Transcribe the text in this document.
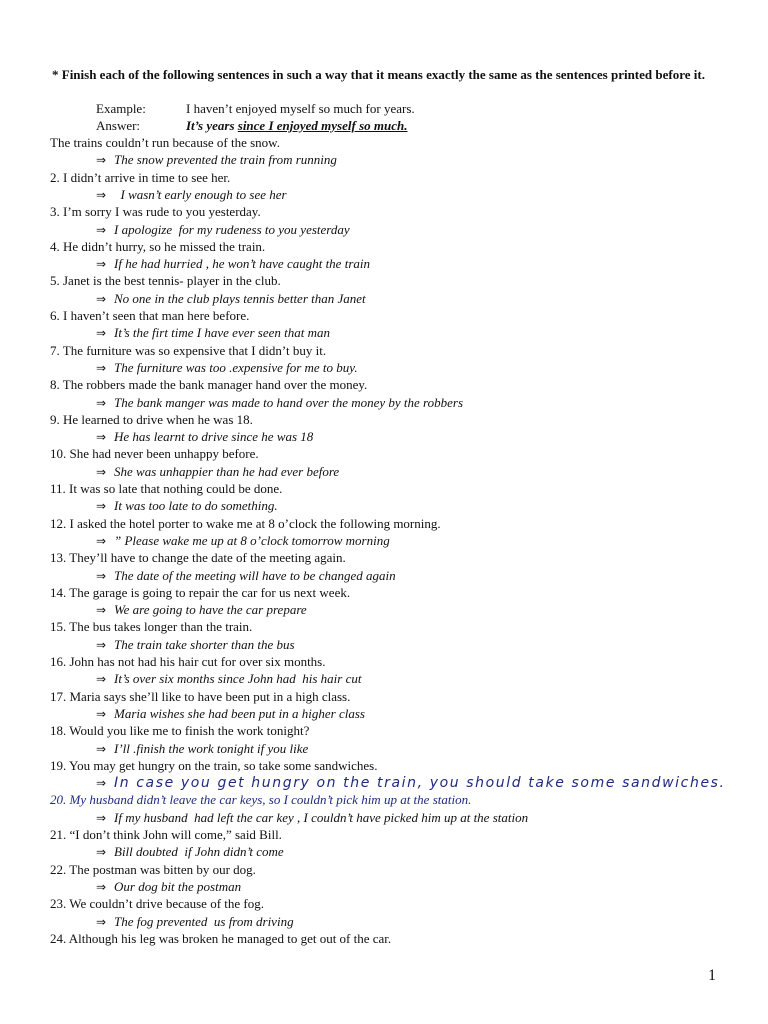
* Finish each of the following sentences in such a way that it means exactly the same as the sentences printed before it.
Example:	I haven’t enjoyed myself so much for years.
Answer:	It’s years since I enjoyed myself so much.
The trains couldn’t run because of the snow.
⇒ The snow prevented the train from running
2. I didn’t arrive in time to see her.
⇒  I wasn’t early enough to see her
3. I’m sorry I was rude to you yesterday.
⇒ I apologize  for my rudeness to you yesterday
4. He didn’t hurry, so he missed the train.
⇒ If he had hurried , he won’t have caught the train
5. Janet is the best tennis- player in the club.
⇒ No one in the club plays tennis better than Janet
6. I haven’t seen that man here before.
⇒ It’s the firt time I have ever seen that man
7. The furniture was so expensive that I didn’t buy it.
⇒ The furniture was too .expensive for me to buy.
8. The robbers made the bank manager hand over the money.
⇒ The bank manger was made to hand over the money by the robbers
9. He learned to drive when he was 18.
⇒ He has learnt to drive since he was 18
10. She had never been unhappy before.
⇒ She was unhappier than he had ever before
11. It was so late that nothing could be done.
⇒ It was too late to do something.
12. I asked the hotel porter to wake me at 8 o’clock the following morning.
⇒ ” Please wake me up at 8 o’clock tomorrow morning
13. They’ll have to change the date of the meeting again.
⇒ The date of the meeting will have to be changed again
14. The garage is going to repair the car for us next week.
⇒ We are going to have the car prepare
15. The bus takes longer than the train.
⇒ The train take shorter than the bus
16. John has not had his hair cut for over six months.
⇒ It’s over six months since John had  his hair cut
17. Maria says she’ll like to have been put in a high class.
⇒ Maria wishes she had been put in a higher class
18. Would you like me to finish the work tonight?
⇒ I’ll .finish the work tonight if you like
19. You may get hungry on the train, so take some sandwiches.
⇒ In case you get hungry on the train, you should take some sandwiches.
20. My husband didn’t leave the car keys, so I couldn’t pick him up at the station.
⇒ If my husband  had left the car key , I couldn’t have picked him up at the station
21. “I don’t think John will come,” said Bill.
⇒ Bill doubted  if John didn’t come
22. The postman was bitten by our dog.
⇒ Our dog bit the postman
23. We couldn’t drive because of the fog.
⇒ The fog prevented  us from driving
24. Although his leg was broken he managed to get out of the car.
1
